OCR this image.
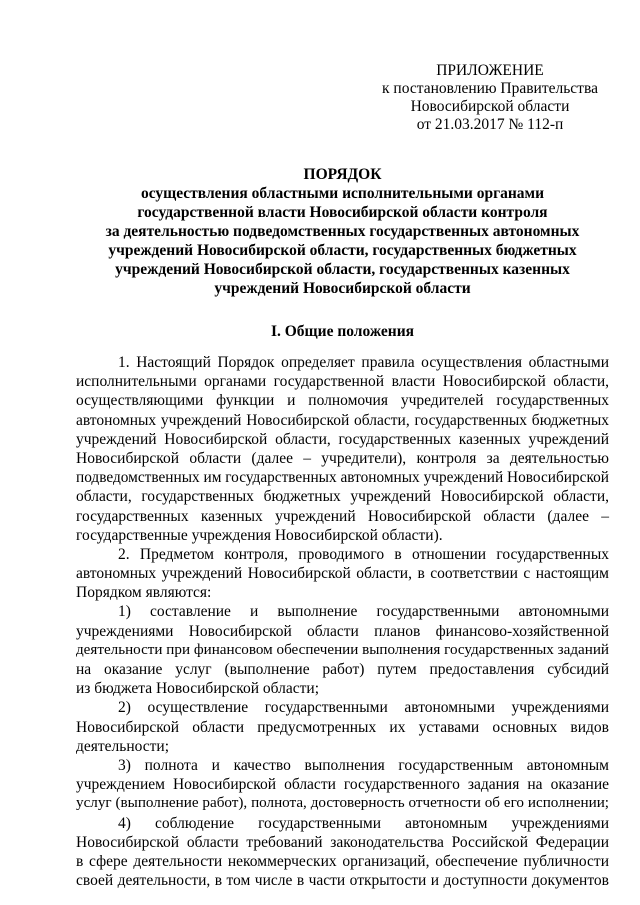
ПРИЛОЖЕНИЕ
к постановлению Правительства
Новосибирской области
от 21.03.2017 № 112-п
ПОРЯДОК
осуществления областными исполнительными органами
государственной власти Новосибирской области контроля
за деятельностью подведомственных государственных автономных
учреждений Новосибирской области, государственных бюджетных
учреждений Новосибирской области, государственных казенных
учреждений Новосибирской области
I. Общие положения
1. Настоящий Порядок определяет правила осуществления областными
исполнительными органами государственной власти Новосибирской области,
осуществляющими функции и полномочия учредителей государственных
автономных учреждений Новосибирской области, государственных бюджетных
учреждений Новосибирской области, государственных казенных учреждений
Новосибирской области (далее – учредители), контроля за деятельностью
подведомственных им государственных автономных учреждений Новосибирской
области, государственных бюджетных учреждений Новосибирской области,
государственных казенных учреждений Новосибирской области (далее –
государственные учреждения Новосибирской области).
2. Предметом контроля, проводимого в отношении государственных
автономных учреждений Новосибирской области, в соответствии с настоящим
Порядком являются:
1) составление и выполнение государственными автономными
учреждениями Новосибирской области планов финансово-хозяйственной
деятельности при финансовом обеспечении выполнения государственных заданий
на оказание услуг (выполнение работ) путем предоставления субсидий
из бюджета Новосибирской области;
2) осуществление государственными автономными учреждениями
Новосибирской области предусмотренных их уставами основных видов
деятельности;
3) полнота и качество выполнения государственным автономным
учреждением Новосибирской области государственного задания на оказание
услуг (выполнение работ), полнота, достоверность отчетности об его исполнении;
4) соблюдение государственными автономным учреждениями
Новосибирской области требований законодательства Российской Федерации
в сфере деятельности некоммерческих организаций, обеспечение публичности
своей деятельности, в том числе в части открытости и доступности документов
